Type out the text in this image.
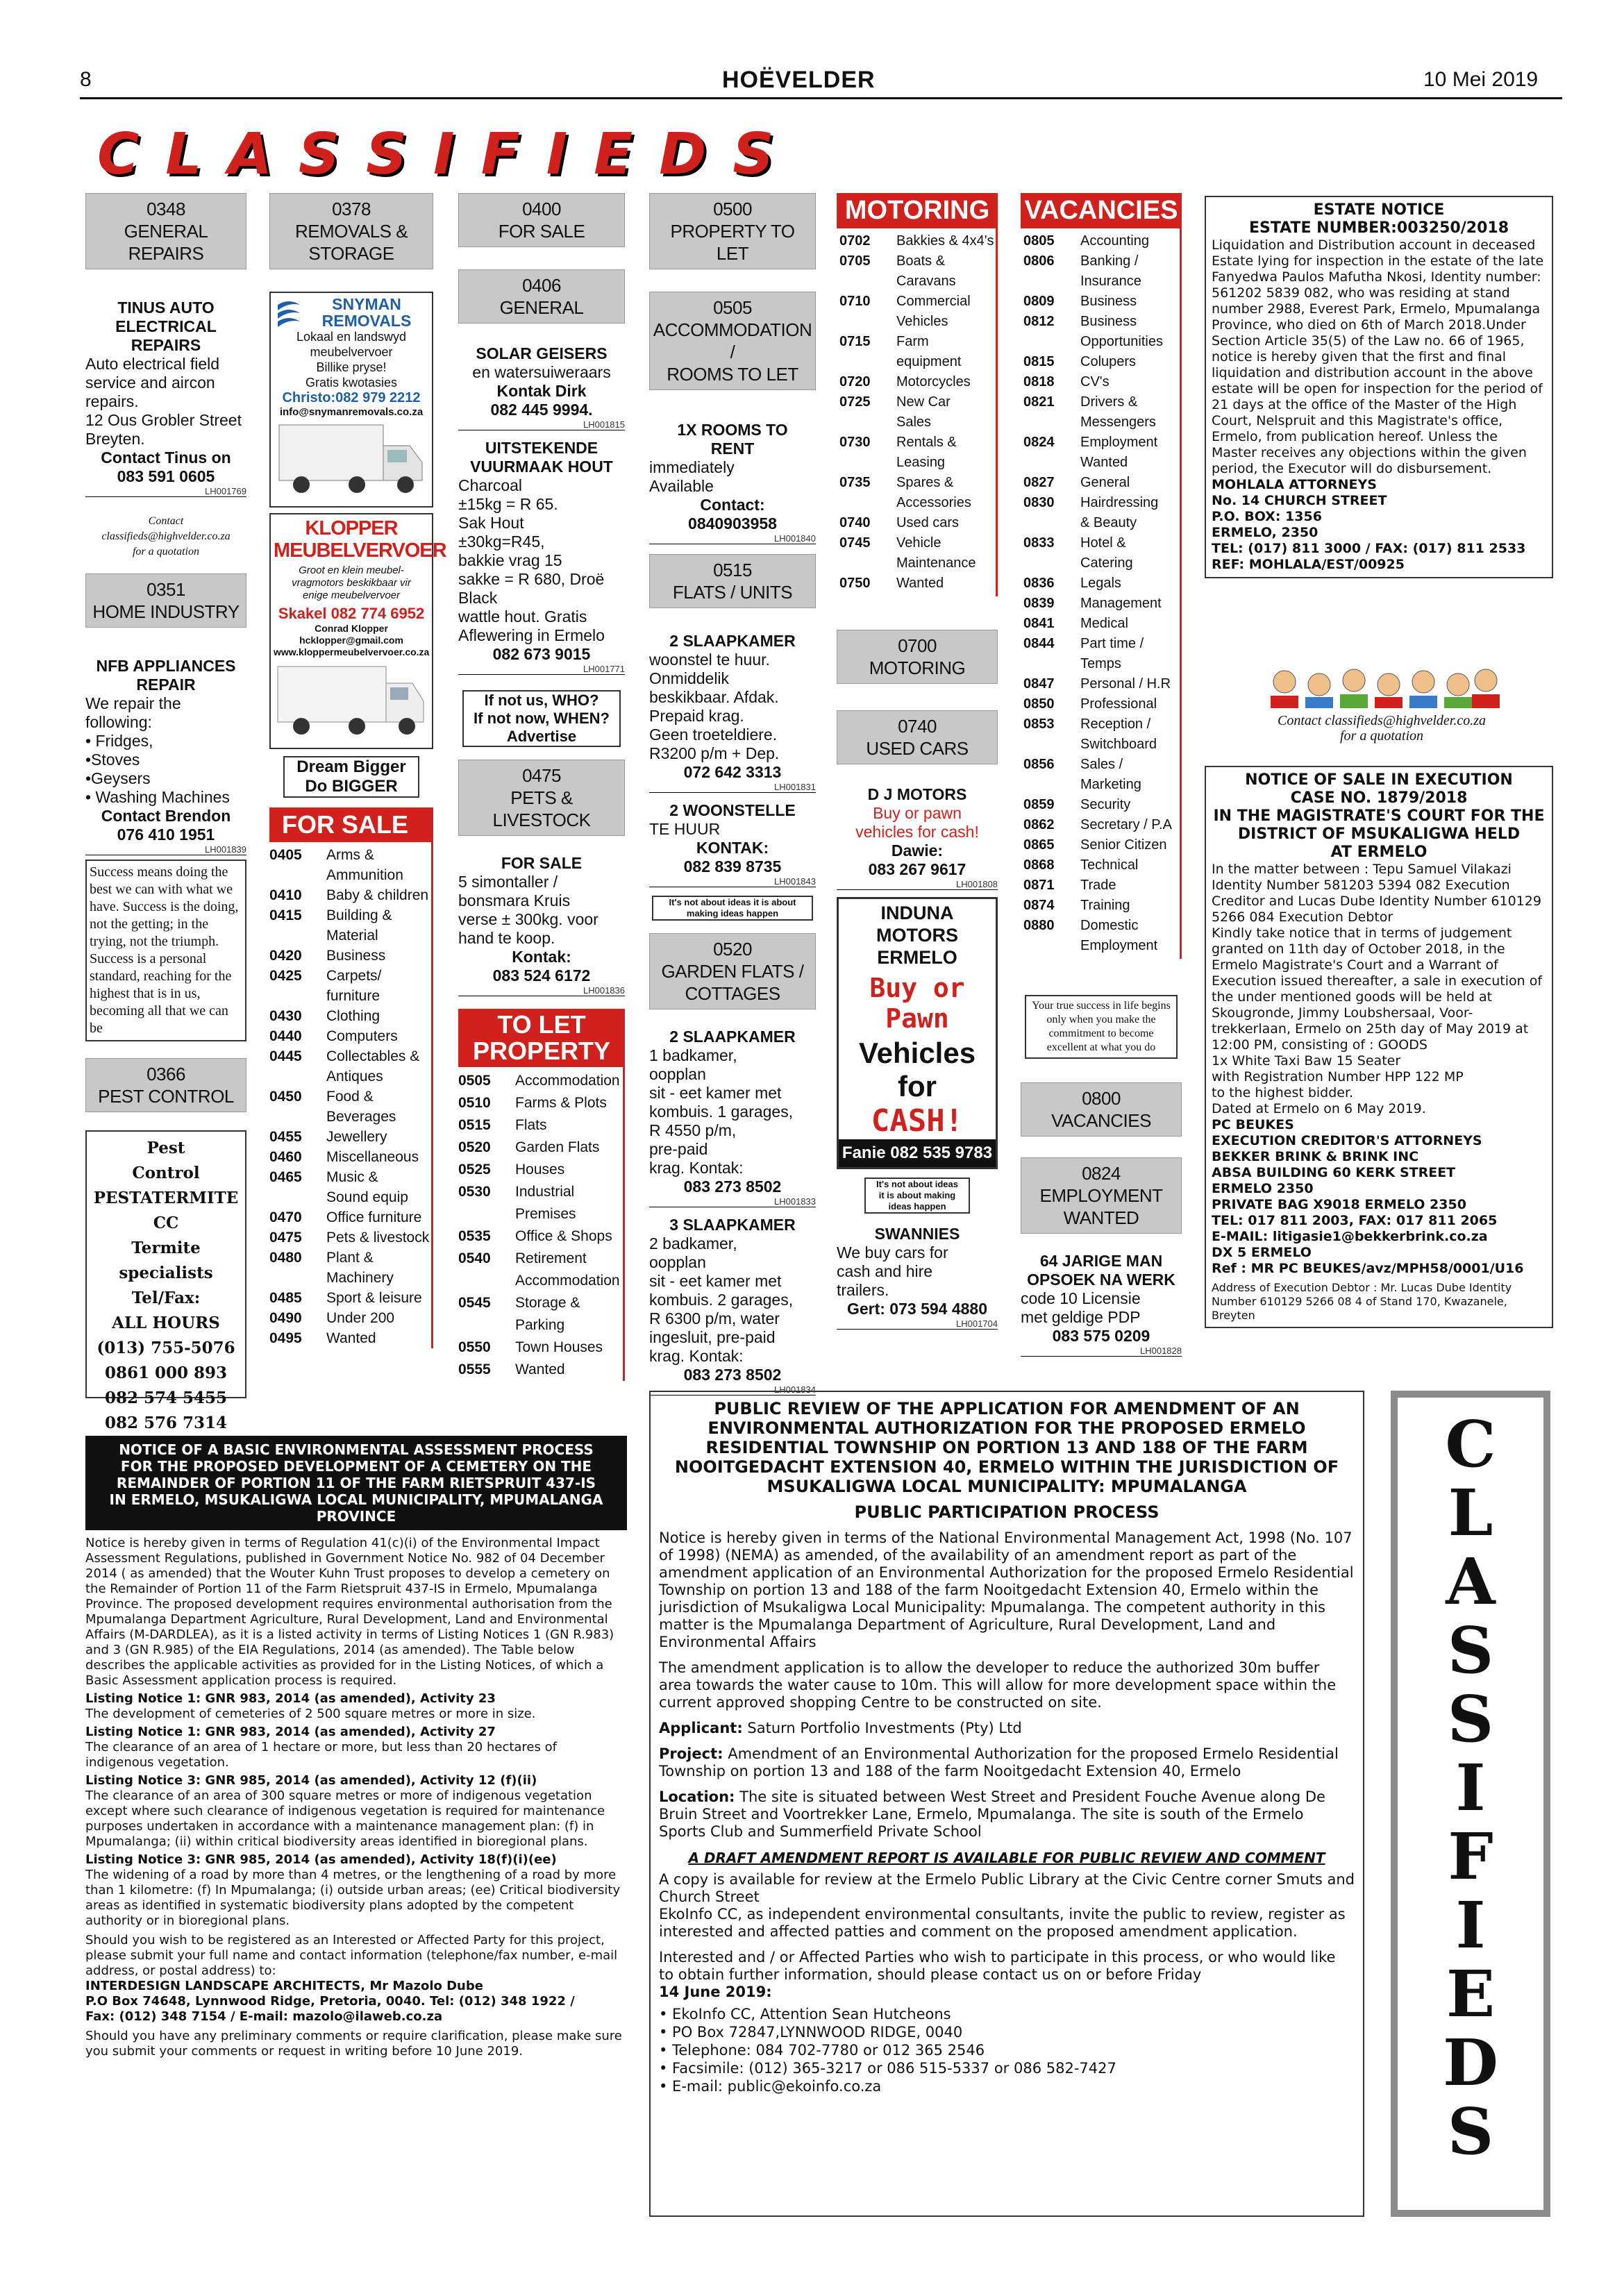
8	HOËVELDER	10 Mei 2019
C L A S S I F I E D S
0348
GENERAL REPAIRS
TINUS AUTO ELECTRICAL REPAIRS
Auto electrical field service and aircon repairs.
12 Ous Grobler Street Breyten.
Contact Tinus on
083 591 0605
LH001769
Contact
classifieds@highvelder.co.za
for a quotation
0351
HOME INDUSTRY
NFB APPLIANCES REPAIR
We repair the following:
• Fridges,
•Stoves
•Geysers
• Washing Machines
Contact Brendon
076 410 1951
LH001839
Success means doing the best we can with what we have. Success is the doing, not the getting; in the trying, not the triumph. Success is a personal standard, reaching for the highest that is in us, becoming all that we can be
0366
PEST CONTROL
Pest
Control
PESTATERMITE CC
Termite
specialists
Tel/Fax:
ALL HOURS
(013) 755-5076
0861 000 893
082 574 5455
082 576 7314
0378
REMOVALS &
STORAGE
SNYMAN
REMOVALS
Lokaal en landswyd
meubelvervoer
Billike pryse!
Gratis kwotasies
Christo:082 979 2212
info@snymanremovals.co.za
KLOPPER
MEUBELVERVOER
Groot en klein meubel-
vragmotors beskikbaar vir
enige meubelvervoer
Skakel 082 774 6952
Conrad Klopper
hcklopper@gmail.com
www.kloppermeubelvervoer.co.za
Dream Bigger
Do BIGGER
FOR SALE
0405	Arms &
Ammunition
0410	Baby & children
0415	Building &
Material
0420	Business
0425	Carpets/ furniture
0430	Clothing
0440	Computers
0445	Collectables &
Antiques
0450	Food &
Beverages
0455	Jewellery
0460	Miscellaneous
0465	Music &
Sound equip
0470	Office furniture
0475	Pets & livestock
0480	Plant &
Machinery
0485	Sport & leisure
0490	Under 200
0495	Wanted
0400
FOR SALE
0406
GENERAL
SOLAR GEISERS
en watersuiweraars
Kontak Dirk
082 445 9994.
LH001815
UITSTEKENDE
VUURMAAK HOUT
Charcoal
±15kg = R 65.
Sak Hout
±30kg=R45,
bakkie vrag 15
sakke = R 680, Droë
Black
wattle hout. Gratis
Aflewering in Ermelo
082 673 9015
LH001771
If not us, WHO?
If not now, WHEN?
Advertise
0475
PETS & LIVESTOCK
FOR SALE
5 simontaller /
bonsmara Kruis
verse ± 300kg. voor
hand te koop.
Kontak:
083 524 6172
LH001836
TO LET
PROPERTY
0505	Accommodation
0510	Farms & Plots
0515	Flats
0520	Garden Flats
0525	Houses
0530	Industrial
Premises
0535	Office & Shops
0540	Retirement
Accommodation
0545	Storage &
Parking
0550	Town Houses
0555	Wanted
0500
PROPERTY TO LET
0505
ACCOMMODATION /
ROOMS TO LET
1X ROOMS TO
RENT
immediately
Available
Contact:
0840903958
LH001840
0515
FLATS / UNITS
2 SLAAPKAMER
woonstel te huur.
Onmiddelik
beskikbaar. Afdak.
Prepaid krag.
Geen troeteldiere.
R3200 p/m + Dep.
072 642 3313
LH001831
2 WOONSTELLE
TE HUUR
KONTAK:
082 839 8735
LH001843
It's not about ideas it is about
making ideas happen
0520
GARDEN FLATS /
COTTAGES
2 SLAAPKAMER
1 badkamer,
oopplan
sit - eet kamer met
kombuis. 1 garages,
R 4550 p/m,
pre-paid
krag. Kontak:
083 273 8502
LH001833
3 SLAAPKAMER
2 badkamer,
oopplan
sit - eet kamer met
kombuis. 2 garages,
R 6300 p/m, water
ingesluit, pre-paid
krag. Kontak:
083 273 8502
LH001834
MOTORING
0702	Bakkies & 4x4's
0705	Boats &
Caravans
0710	Commercial
Vehicles
0715	Farm equipment
0720	Motorcycles
0725	New Car
Sales
0730	Rentals &
Leasing
0735	Spares &
Accessories
0740	Used cars
0745	Vehicle
Maintenance
0750	Wanted
0700
MOTORING
0740
USED CARS
D J MOTORS
Buy or pawn
vehicles for cash!
Dawie:
083 267 9617
LH001808
INDUNA MOTORS
ERMELO
Buy or
Pawn
Vehicles
for
CASH!
Fanie 082 535 9783
It's not about ideas
it is about making
ideas happen
SWANNIES
We buy cars for
cash and hire
trailers.
Gert: 073 594 4880
LH001704
VACANCIES
0805	Accounting
0806	Banking /
Insurance
0809	Business
0812	Business
Opportunities
0815	Colupers
0818	CV's
0821	Drivers &
Messengers
0824	Employment
Wanted
0827	General
0830	Hairdressing
& Beauty
0833	Hotel & Catering
0836	Legals
0839	Management
0841	Medical
0844	Part time / Temps
0847	Personal / H.R
0850	Professional
0853	Reception /
Switchboard
0856	Sales / Marketing
0859	Security
0862	Secretary / P.A
0865	Senior Citizen
0868	Technical
0871	Trade
0874	Training
0880	Domestic
Employment
Your true success in life begins only when you make the commitment to become excellent at what you do
0800
VACANCIES
0824
EMPLOYMENT
WANTED
64 JARIGE MAN
OPSOEK NA WERK
code 10 Licensie
met geldige PDP
083 575 0209
LH001828
ESTATE NOTICE
ESTATE NUMBER:003250/2018
Liquidation and Distribution account in deceased Estate lying for inspection in the estate of the late Fanyedwa Paulos Mafutha Nkosi, Identity number: 561202 5839 082, who was residing at stand number 2988, Everest Park, Ermelo, Mpumalanga Province, who died on 6th of March 2018.Under Section Article 35(5) of the Law no. 66 of 1965, notice is hereby given that the first and final liquidation and distribution account in the above estate will be open for inspection for the period of 21 days at the office of the Master of the High Court, Nelspruit and this Magistrate's office, Ermelo, from publication hereof. Unless the Master receives any objections within the given period, the Executor will do disbursement.
MOHLALA ATTORNEYS
No. 14 CHURCH STREET
P.O. BOX: 1356
ERMELO, 2350
TEL: (017) 811 3000 / FAX: (017) 811 2533
REF: MOHLALA/EST/00925
Contact classifieds@highvelder.co.za
for a quotation
NOTICE OF SALE IN EXECUTION
CASE NO. 1879/2018
IN THE MAGISTRATE'S COURT FOR THE
DISTRICT OF MSUKALIGWA HELD
AT ERMELO
In the matter between : Tepu Samuel Vilakazi Identity Number 581203 5394 082 Execution Creditor and Lucas Dube Identity Number 610129 5266 084 Execution Debtor
Kindly take notice that in terms of judgement granted on 11th day of October 2018, in the Ermelo Magistrate's Court and a Warrant of Execution issued thereafter, a sale in execution of the under mentioned goods will be held at Skougronde, Jimmy Loubshersaal, Voor-trekkerlaan, Ermelo on 25th day of May 2019 at 12:00 PM, consisting of : GOODS
1x White Taxi Baw 15 Seater
with Registration Number HPP 122 MP
to the highest bidder.
Dated at Ermelo on 6 May 2019.
PC BEUKES
EXECUTION CREDITOR'S ATTORNEYS
BEKKER BRINK & BRINK INC
ABSA BUILDING 60 KERK STREET
ERMELO 2350
PRIVATE BAG X9018 ERMELO 2350
TEL: 017 811 2003, FAX: 017 811 2065
E-MAIL: litigasie1@bekkerbrink.co.za
DX 5 ERMELO
Ref : MR PC BEUKES/avz/MPH58/0001/U16
Address of Execution Debtor : Mr. Lucas Dube Identity Number 610129 5266 08 4 of Stand 170, Kwazanele, Breyten
NOTICE OF A BASIC ENVIRONMENTAL ASSESSMENT PROCESS FOR THE PROPOSED DEVELOPMENT OF A CEMETERY ON THE REMAINDER OF PORTION 11 OF THE FARM RIETSPRUIT 437-IS IN ERMELO, MSUKALIGWA LOCAL MUNICIPALITY, MPUMALANGA PROVINCE
Notice is hereby given in terms of Regulation 41(c)(i) of the Environmental Impact Assessment Regulations, published in Government Notice No. 982 of 04 December 2014 ( as amended) that the Wouter Kuhn Trust proposes to develop a cemetery on the Remainder of Portion 11 of the Farm Rietspruit 437-IS in Ermelo, Mpumalanga Province. The proposed development requires environmental authorisation from the Mpumalanga Department Agriculture, Rural Development, Land and Environmental Affairs (M-DARDLEA), as it is a listed activity in terms of Listing Notices 1 (GN R.983) and 3 (GN R.985) of the EIA Regulations, 2014 (as amended). The Table below describes the applicable activities as provided for in the Listing Notices, of which a Basic Assessment application process is required.
Listing Notice 1: GNR 983, 2014 (as amended), Activity 23
The development of cemeteries of 2 500 square metres or more in size.
Listing Notice 1: GNR 983, 2014 (as amended), Activity 27
The clearance of an area of 1 hectare or more, but less than 20 hectares of indigenous vegetation.
Listing Notice 3: GNR 985, 2014 (as amended), Activity 12 (f)(ii)
The clearance of an area of 300 square metres or more of indigenous vegetation except where such clearance of indigenous vegetation is required for maintenance purposes undertaken in accordance with a maintenance management plan: (f) in Mpumalanga; (ii) within critical biodiversity areas identified in bioregional plans.
Listing Notice 3: GNR 985, 2014 (as amended), Activity 18(f)(i)(ee)
The widening of a road by more than 4 metres, or the lengthening of a road by more than 1 kilometre: (f) In Mpumalanga; (i) outside urban areas; (ee) Critical biodiversity areas as identified in systematic biodiversity plans adopted by the competent authority or in bioregional plans.
Should you wish to be registered as an Interested or Affected Party for this project, please submit your full name and contact information (telephone/fax number, e-mail address, or postal address) to:
INTERDESIGN LANDSCAPE ARCHITECTS, Mr Mazolo Dube
P.O Box 74648, Lynnwood Ridge, Pretoria, 0040. Tel: (012) 348 1922 /
Fax: (012) 348 7154 / E-mail: mazolo@ilaweb.co.za
Should you have any preliminary comments or require clarification, please make sure you submit your comments or request in writing before 10 June 2019.
PUBLIC REVIEW OF THE APPLICATION FOR AMENDMENT OF AN ENVIRONMENTAL AUTHORIZATION FOR THE PROPOSED ERMELO RESIDENTIAL TOWNSHIP ON PORTION 13 AND 188 OF THE FARM NOOITGEDACHT EXTENSION 40, ERMELO WITHIN THE JURISDICTION OF MSUKALIGWA LOCAL MUNICIPALITY: MPUMALANGA
PUBLIC PARTICIPATION PROCESS
Notice is hereby given in terms of the National Environmental Management Act, 1998 (No. 107 of 1998) (NEMA) as amended, of the availability of an amendment report as part of the amendment application of an Environmental Authorization for the proposed Ermelo Residential Township on portion 13 and 188 of the farm Nooitgedacht Extension 40, Ermelo within the jurisdiction of Msukaligwa Local Municipality: Mpumalanga. The competent authority in this matter is the Mpumalanga Department of Agriculture, Rural Development, Land and Environmental Affairs
The amendment application is to allow the developer to reduce the authorized 30m buffer area towards the water cause to 10m. This will allow for more development space within the current approved shopping Centre to be constructed on site.
Applicant: Saturn Portfolio Investments (Pty) Ltd
Project: Amendment of an Environmental Authorization for the proposed Ermelo Residential Township on portion 13 and 188 of the farm Nooitgedacht Extension 40, Ermelo
Location: The site is situated between West Street and President Fouche Avenue along De Bruin Street and Voortrekker Lane, Ermelo, Mpumalanga. The site is south of the Ermelo Sports Club and Summerfield Private School
A DRAFT AMENDMENT REPORT IS AVAILABLE FOR PUBLIC REVIEW AND COMMENT
A copy is available for review at the Ermelo Public Library at the Civic Centre corner Smuts and Church Street
EkoInfo CC, as independent environmental consultants, invite the public to review, register as interested and affected patties and comment on the proposed amendment application.
Interested and / or Affected Parties who wish to participate in this process, or who would like to obtain further information, should please contact us on or before Friday
14 June 2019:
• EkoInfo CC, Attention Sean Hutcheons
• PO Box 72847,LYNNWOOD RIDGE, 0040
• Telephone: 084 702-7780 or 012 365 2546
• Facsimile: (012) 365-3217 or 086 515-5337 or 086 582-7427
• E-mail: public@ekoinfo.co.za
C
L
A
S
S
I
F
I
E
D
S
